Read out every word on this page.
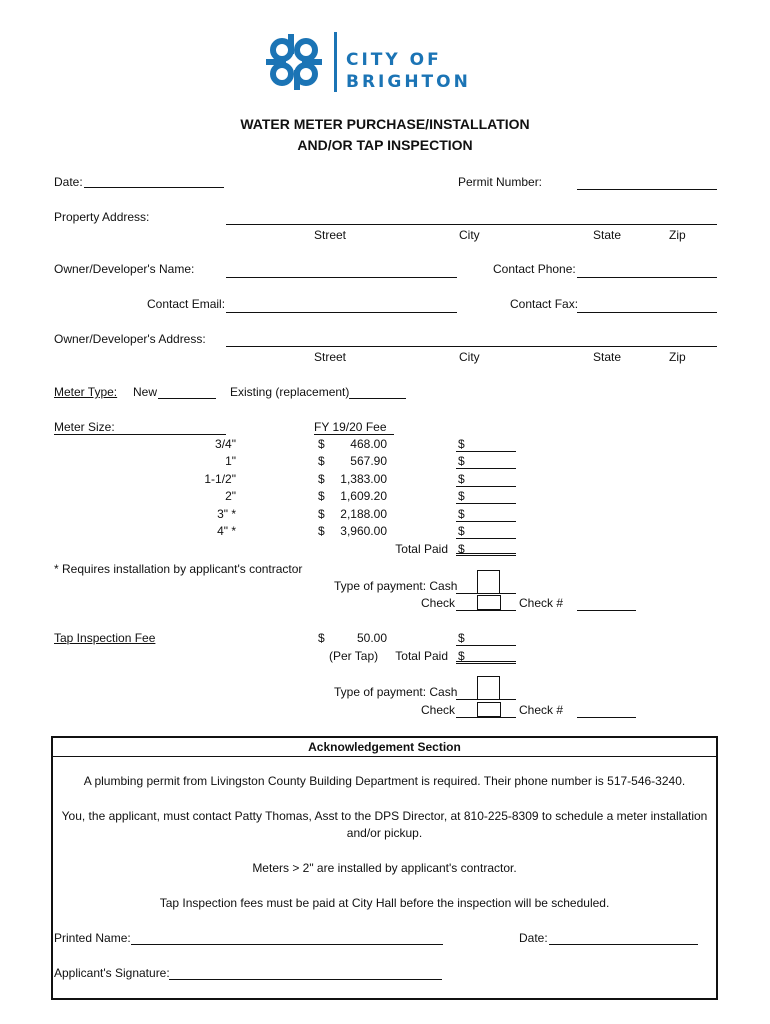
CITY OF
BRIGHTON
WATER METER PURCHASE/INSTALLATION
AND/OR TAP INSPECTION
Date:	Permit Number:
Property Address:
Street	City	State	Zip
Owner/Developer's Name:	Contact Phone:
Contact Email:	Contact Fax:
Owner/Developer's Address:
Street	City	State	Zip
Meter Type: New	Existing (replacement)
Meter Size:	FY 19/20 Fee
3/4"	$	468.00	$
1"	$	567.90	$
1-1/2"	$	1,383.00	$
2"	$	1,609.20	$
3" *	$	2,188.00	$
4" *	$	3,960.00	$
Total Paid $
* Requires installation by applicant's contractor
Type of payment: Cash
Check	Check #
Tap Inspection Fee	$	50.00	$
(Per Tap)	Total Paid $
Type of payment: Cash
Check	Check #
Acknowledgement Section
A plumbing permit from Livingston County Building Department is required. Their phone number is 517-546-3240.
You, the applicant, must contact Patty Thomas, Asst to the DPS Director, at 810-225-8309 to schedule a meter installation
and/or pickup.
Meters > 2" are installed by applicant's contractor.
Tap Inspection fees must be paid at City Hall before the inspection will be scheduled.
Printed Name:	Date:
Applicant's Signature:
